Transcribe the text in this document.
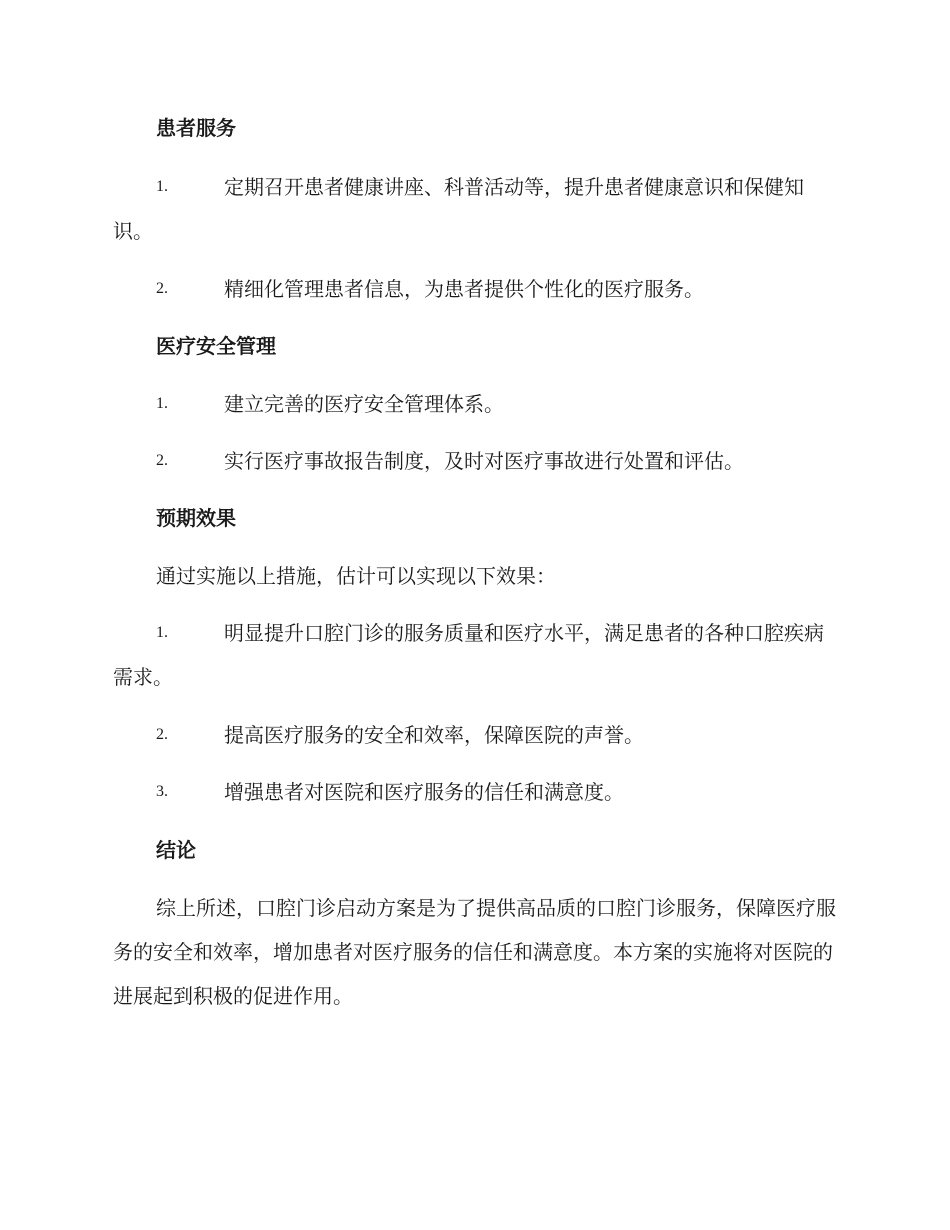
患者服务
1.	定期召开患者健康讲座、科普活动等，提升患者健康意识和保健知识。
2.	精细化管理患者信息，为患者提供个性化的医疗服务。
医疗安全管理
1.	建立完善的医疗安全管理体系。
2.	实行医疗事故报告制度，及时对医疗事故进行处置和评估。
预期效果
通过实施以上措施，估计可以实现以下效果：
1.	明显提升口腔门诊的服务质量和医疗水平，满足患者的各种口腔疾病需求。
2.	提高医疗服务的安全和效率，保障医院的声誉。
3.	增强患者对医院和医疗服务的信任和满意度。
结论
综上所述，口腔门诊启动方案是为了提供高品质的口腔门诊服务，保障医疗服务的安全和效率，增加患者对医疗服务的信任和满意度。本方案的实施将对医院的进展起到积极的促进作用。
